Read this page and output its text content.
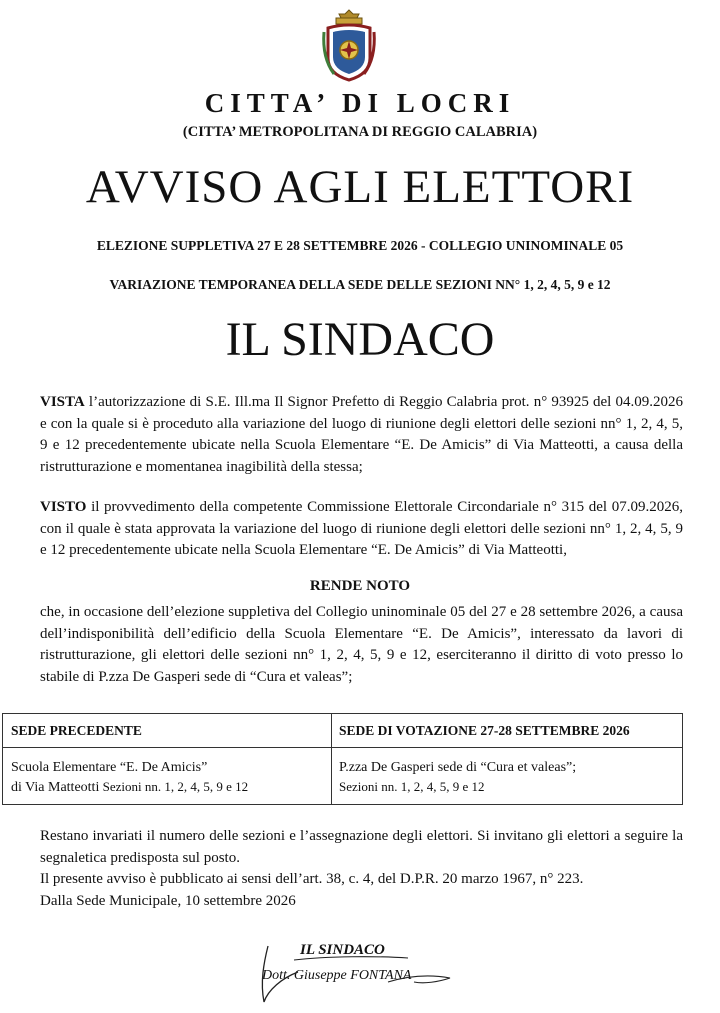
CITTA’ DI LOCRI
(CITTA’ METROPOLITANA DI REGGIO CALABRIA)
AVVISO AGLI ELETTORI
ELEZIONE SUPPLETIVA 27 E 28 SETTEMBRE 2026 - COLLEGIO UNINOMINALE 05
VARIAZIONE TEMPORANEA DELLA SEDE DELLE SEZIONI NN° 1, 2, 4, 5, 9 e 12
IL SINDACO
VISTA l’autorizzazione di S.E. Ill.ma Il Signor Prefetto di Reggio Calabria prot. n° 93925 del 04.09.2026 e con la quale si è proceduto alla variazione del luogo di riunione degli elettori delle sezioni nn° 1, 2, 4, 5, 9 e 12 precedentemente ubicate nella Scuola Elementare “E. De Amicis” di Via Matteotti, a causa della ristrutturazione e momentanea inagibilità della stessa;
VISTO il provvedimento della competente Commissione Elettorale Circondariale n° 315 del 07.09.2026, con il quale è stata approvata la variazione del luogo di riunione degli elettori delle sezioni nn° 1, 2, 4, 5, 9 e 12 precedentemente ubicate nella Scuola Elementare “E. De Amicis” di Via Matteotti,
RENDE NOTO
che, in occasione dell’elezione suppletiva del Collegio uninominale 05 del 27 e 28 settembre 2026, a causa dell’indisponibilità dell’edificio della Scuola Elementare “E. De Amicis”, interessato da lavori di ristrutturazione, gli elettori delle sezioni nn° 1, 2, 4, 5, 9 e 12, eserciteranno il diritto di voto presso lo stabile di P.zza De Gasperi sede di “Cura et valeas”;
SEDE PRECEDENTE	SEDE DI VOTAZIONE 27-28 SETTEMBRE 2026
Scuola Elementare “E. De Amicis”
di Via Matteotti Sezioni nn. 1, 2, 4, 5, 9 e 12
P.zza De Gasperi sede di “Cura et valeas”;
Sezioni nn. 1, 2, 4, 5, 9 e 12
Restano invariati il numero delle sezioni e l’assegnazione degli elettori. Si invitano gli elettori a seguire la segnaletica predisposta sul posto.
Il presente avviso è pubblicato ai sensi dell’art. 38, c. 4, del D.P.R. 20 marzo 1967, n° 223.
Dalla Sede Municipale, 10 settembre 2026
IL SINDACO
Dott. Giuseppe FONTANA
